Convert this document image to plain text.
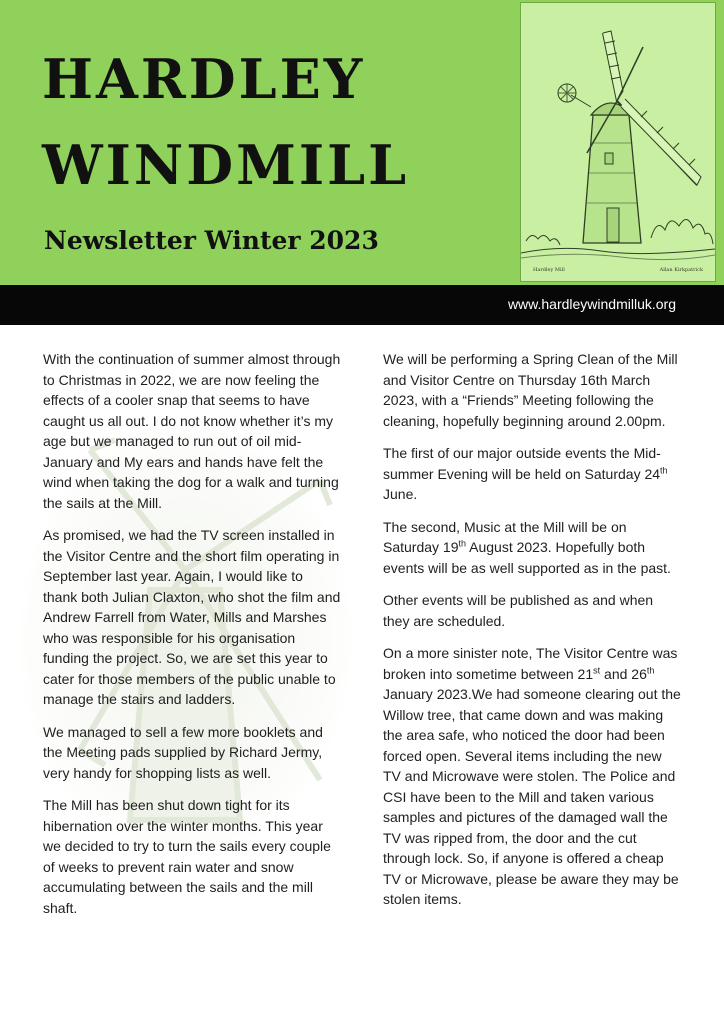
HARDLEY
WINDMILL
Newsletter Winter 2023
Hardley Mill	Allan Kirkpatrick
www.hardleywindmilluk.org

With the continuation of summer almost through to Christmas in 2022, we are now feeling the effects of a cooler snap that seems to have caught us all out. I do not know whether it’s my age but we managed to run out of oil mid-January and My ears and hands have felt the wind when taking the dog for a walk and turning the sails at the Mill.

As promised, we had the TV screen installed in the Visitor Centre and the short film operating in September last year. Again, I would like to thank both Julian Claxton, who shot the film and Andrew Farrell from Water, Mills and Marshes who was responsible for his organisation funding the project. So, we are set this year to cater for those members of the public unable to manage the stairs and ladders.

We managed to sell a few more booklets and the Meeting pads supplied by Richard Jermy, very handy for shopping lists as well.

The Mill has been shut down tight for its hibernation over the winter months. This year we decided to try to turn the sails every couple of weeks to prevent rain water and snow accumulating between the sails and the mill shaft.

We will be performing a Spring Clean of the Mill and Visitor Centre on Thursday 16th March 2023, with a “Friends” Meeting following the cleaning, hopefully beginning around 2.00pm.

The first of our major outside events the Mid-summer Evening will be held on Saturday 24th June.

The second, Music at the Mill will be on Saturday 19th August 2023. Hopefully both events will be as well supported as in the past.

Other events will be published as and when they are scheduled.

On a more sinister note, The Visitor Centre was broken into sometime between 21st and 26th January 2023.We had someone clearing out the Willow tree, that came down and was making the area safe, who noticed the door had been forced open. Several items including the new TV and Microwave were stolen. The Police and CSI have been to the Mill and taken various samples and pictures of the damaged wall the TV was ripped from, the door and the cut through lock. So, if anyone is offered a cheap TV or Microwave, please be aware they may be stolen items.
